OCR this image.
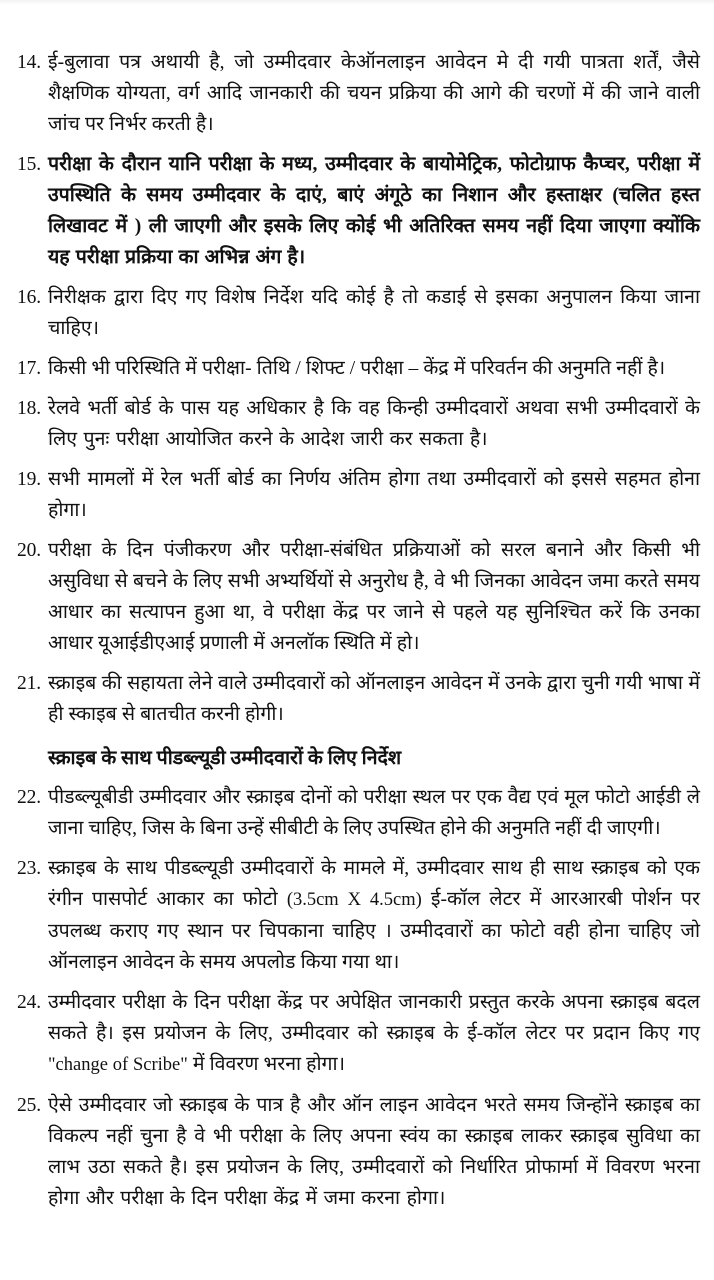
14. ई-बुलावा पत्र अथायी है, जो उम्मीदवार केऑनलाइन आवेदन मे दी गयी पात्रता शर्तें, जैसे शैक्षणिक योग्यता, वर्ग आदि जानकारी की चयन प्रक्रिया की आगे की चरणों में की जाने वाली जांच पर निर्भर करती है।
15. परीक्षा के दौरान यानि परीक्षा के मध्य, उम्मीदवार के बायोमेट्रिक, फोटोग्राफ कैप्चर, परीक्षा में उपस्थिति के समय उम्मीदवार के दाएं, बाएं अंगूठे का निशान और हस्ताक्षर (चलित हस्त लिखावट में ) ली जाएगी और इसके लिए कोई भी अतिरिक्त समय नहीं दिया जाएगा क्योंकि यह परीक्षा प्रक्रिया का अभिन्न अंग है।
16. निरीक्षक द्वारा दिए गए विशेष निर्देश यदि कोई है तो कडाई से इसका अनुपालन किया जाना चाहिए।
17. किसी भी परिस्थिति में परीक्षा- तिथि / शिफ्ट / परीक्षा – केंद्र में परिवर्तन की अनुमति नहीं है।
18. रेलवे भर्ती बोर्ड के पास यह अधिकार है कि वह किन्ही उम्मीदवारों अथवा सभी उम्मीदवारों के लिए पुनः परीक्षा आयोजित करने के आदेश जारी कर सकता है।
19. सभी मामलों में रेल भर्ती बोर्ड का निर्णय अंतिम होगा तथा उम्मीदवारों को इससे सहमत होना होगा।
20. परीक्षा के दिन पंजीकरण और परीक्षा-संबंधित प्रक्रियाओं को सरल बनाने और किसी भी असुविधा से बचने के लिए सभी अभ्यर्थियों से अनुरोध है, वे भी जिनका आवेदन जमा करते समय आधार का सत्यापन हुआ था, वे परीक्षा केंद्र पर जाने से पहले यह सुनिश्चित करें कि उनका आधार यूआईडीएआई प्रणाली में अनलॉक स्थिति में हो।
21. स्क्राइब की सहायता लेने वाले उम्मीदवारों को ऑनलाइन आवेदन में उनके द्वारा चुनी गयी भाषा में ही स्काइब से बातचीत करनी होगी।
स्क्राइब के साथ पीडब्ल्यूडी उम्मीदवारों के लिए निर्देश
22. पीडब्ल्यूबीडी उम्मीदवार और स्क्राइब दोनों को परीक्षा स्थल पर एक वैद्य एवं मूल फोटो आईडी ले जाना चाहिए, जिस के बिना उन्हें सीबीटी के लिए उपस्थित होने की अनुमति नहीं दी जाएगी।
23. स्क्राइब के साथ पीडब्ल्यूडी उम्मीदवारों के मामले में, उम्मीदवार साथ ही साथ स्क्राइब को एक रंगीन पासपोर्ट आकार का फोटो (3.5cm X 4.5cm) ई-कॉल लेटर में आरआरबी पोर्शन पर उपलब्ध कराए गए स्थान पर चिपकाना चाहिए । उम्मीदवारों का फोटो वही होना चाहिए जो ऑनलाइन आवेदन के समय अपलोड किया गया था।
24. उम्मीदवार परीक्षा के दिन परीक्षा केंद्र पर अपेक्षित जानकारी प्रस्तुत करके अपना स्क्राइब बदल सकते है। इस प्रयोजन के लिए, उम्मीदवार को स्क्राइब के ई-कॉल लेटर पर प्रदान किए गए "change of Scribe" में विवरण भरना होगा।
25. ऐसे उम्मीदवार जो स्क्राइब के पात्र है और ऑन लाइन आवेदन भरते समय जिन्होंने स्क्राइब का विकल्प नहीं चुना है वे भी परीक्षा के लिए अपना स्वंय का स्क्राइब लाकर स्क्राइब सुविधा का लाभ उठा सकते है। इस प्रयोजन के लिए, उम्मीदवारों को निर्धारित प्रोफार्मा में विवरण भरना होगा और परीक्षा के दिन परीक्षा केंद्र में जमा करना होगा।
